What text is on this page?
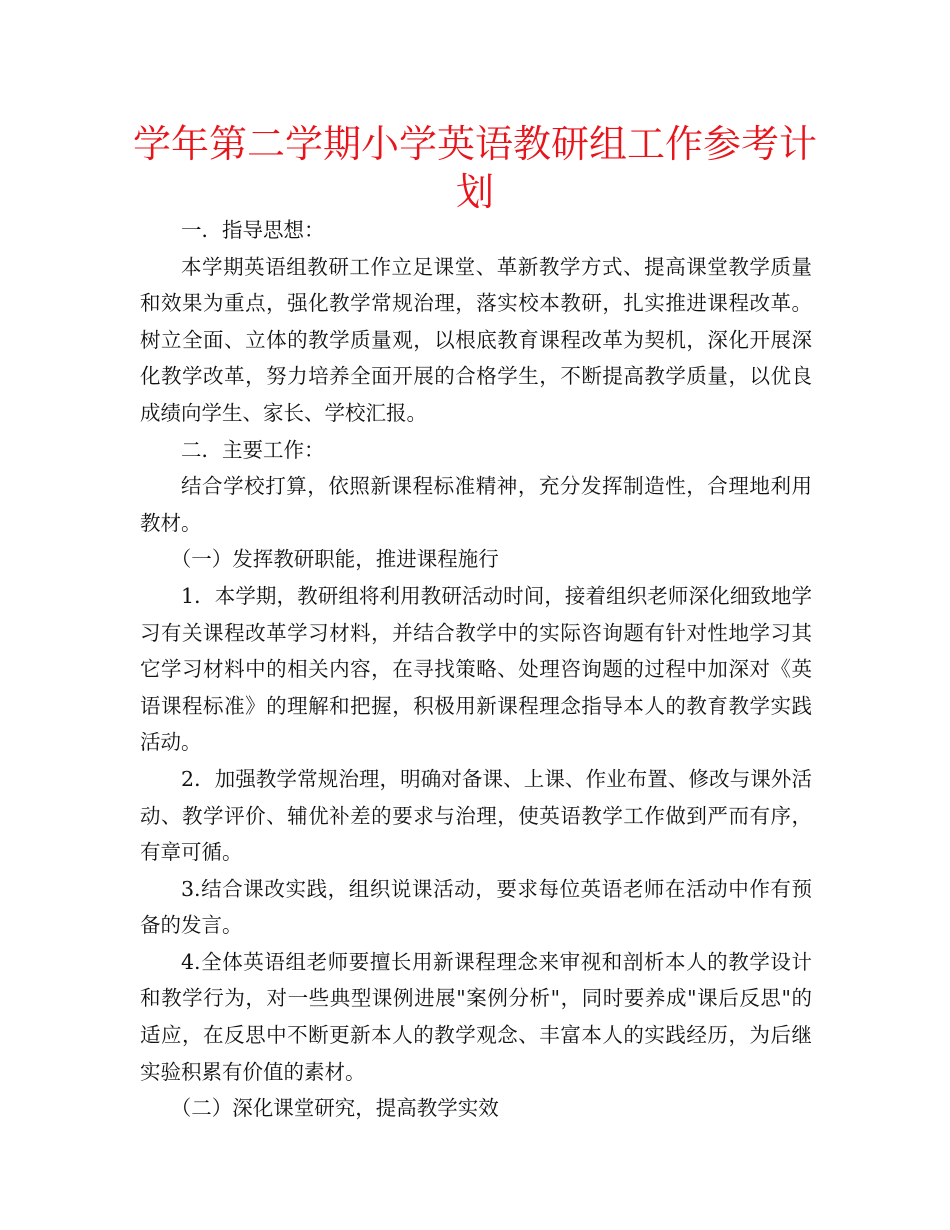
学年第二学期小学英语教研组工作参考计划

一．指导思想：

本学期英语组教研工作立足课堂、革新教学方式、提高课堂教学质量和效果为重点，强化教学常规治理，落实校本教研，扎实推进课程改革。树立全面、立体的教学质量观，以根底教育课程改革为契机，深化开展深化教学改革，努力培养全面开展的合格学生，不断提高教学质量，以优良成绩向学生、家长、学校汇报。

二．主要工作：

结合学校打算，依照新课程标准精神，充分发挥制造性，合理地利用教材。

（一）发挥教研职能，推进课程施行

1．本学期，教研组将利用教研活动时间，接着组织老师深化细致地学习有关课程改革学习材料，并结合教学中的实际咨询题有针对性地学习其它学习材料中的相关内容，在寻找策略、处理咨询题的过程中加深对《英语课程标准》的理解和把握，积极用新课程理念指导本人的教育教学实践活动。

2．加强教学常规治理，明确对备课、上课、作业布置、修改与课外活动、教学评价、辅优补差的要求与治理，使英语教学工作做到严而有序，有章可循。

3.结合课改实践，组织说课活动，要求每位英语老师在活动中作有预备的发言。

4.全体英语组老师要擅长用新课程理念来审视和剖析本人的教学设计和教学行为，对一些典型课例进展"案例分析"，同时要养成"课后反思"的适应，在反思中不断更新本人的教学观念、丰富本人的实践经历，为后继实验积累有价值的素材。

（二）深化课堂研究，提高教学实效
